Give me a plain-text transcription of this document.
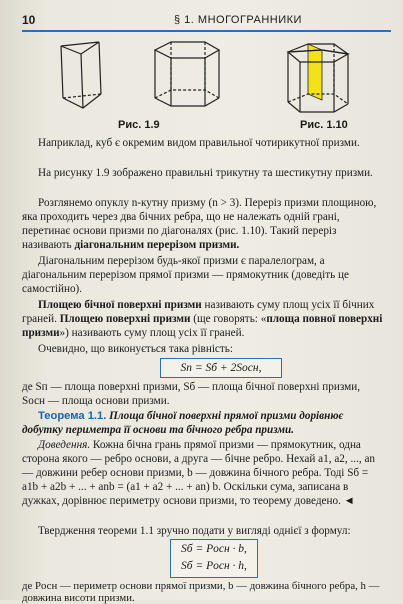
10	§ 1. МНОГОГРАННИКИ
Рис. 1.9	Рис. 1.10
Наприклад, куб є окремим видом правильної чотирикутної призми.
На рисунку 1.9 зображено правильні трикутну та шестикутну призми.
Розглянемо опуклу n-кутну призму (n > 3). Переріз призми площиною, яка проходить через два бічних ребра, що не належать одній грані, перетинає основи призми по діагоналях (рис. 1.10). Такий переріз називають діагональним перерізом призми.
Діагональним перерізом будь-якої призми є паралелограм, а діагональним перерізом прямої призми — прямокутник (доведіть це самостійно).
Площею бічної поверхні призми називають суму площ усіх її бічних граней. Площею поверхні призми (ще говорять: «площа повної поверхні призми») називають суму площ усіх її граней.
Очевидно, що виконується така рівність:
Sп = Sб + 2Sосн,
де Sп — площа поверхні призми, Sб — площа бічної поверхні призми, Sосн — площа основи призми.
Теорема 1.1. Площа бічної поверхні прямої призми дорівнює добутку периметра її основи та бічного ребра призми.
Доведення. Кожна бічна грань прямої призми — прямокутник, одна сторона якого — ребро основи, а друга — бічне ребро. Нехай a1, a2, ..., an — довжини ребер основи призми, b — довжина бічного ребра. Тоді Sб = a1b + a2b + ... + anb = (a1 + a2 + ... + an) b. Оскільки сума, записана в дужках, дорівнює периметру основи призми, то теорему доведено. ◄
Твердження теореми 1.1 зручно подати у вигляді однієї з формул:
Sб = Pосн · b,
Sб = Pосн · h,
де Pосн — периметр основи прямої призми, b — довжина бічного ребра, h — довжина висоти призми.
